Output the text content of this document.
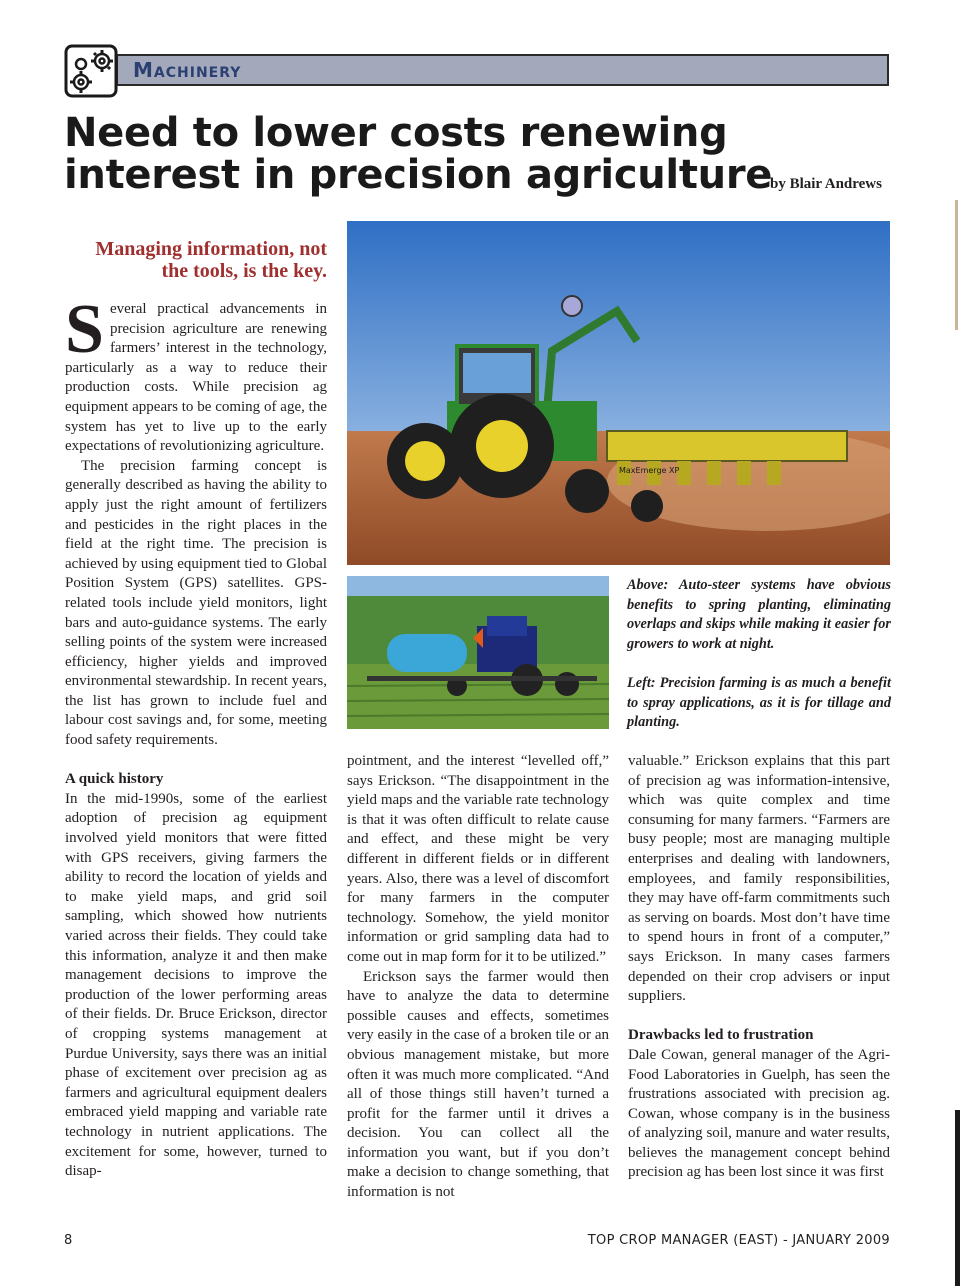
Machinery
Need to lower costs renewing interest in precision agriculture
by Blair Andrews
Managing information, not the tools, is the key.
S everal practical advancements in precision agriculture are renewing farmers’ interest in the technology, particularly as a way to reduce their production costs. While precision ag equipment appears to be coming of age, the system has yet to live up to the early expectations of revolutionizing agriculture.

The precision farming concept is generally described as having the ability to apply just the right amount of fertilizers and pesticides in the right places in the field at the right time. The precision is achieved by using equipment tied to Global Position System (GPS) satellites. GPS-related tools include yield monitors, light bars and auto-guidance systems. The early selling points of the system were increased efficiency, higher yields and improved environmental stewardship. In recent years, the list has grown to include fuel and labour cost savings and, for some, meeting food safety requirements.

A quick history

In the mid-1990s, some of the earliest adoption of precision ag equipment involved yield monitors that were fitted with GPS receivers, giving farmers the ability to record the location of yields and to make yield maps, and grid soil sampling, which showed how nutrients varied across their fields. They could take this information, analyze it and then make management decisions to improve the production of the lower performing areas of their fields. Dr. Bruce Erickson, director of cropping systems management at Purdue University, says there was an initial phase of excitement over precision ag as farmers and agricultural equipment dealers embraced yield mapping and variable rate technology in nutrient applications. The excitement for some, however, turned to disap-

MaxEmerge XP

Above: Auto-steer systems have obvious benefits to spring planting, eliminating overlaps and skips while making it easier for growers to work at night.

Left: Precision farming is as much a benefit to spray applications, as it is for tillage and planting.

pointment, and the interest “levelled off,” says Erickson. “The disappointment in the yield maps and the variable rate technology is that it was often difficult to relate cause and effect, and these might be very different in different fields or in different years. Also, there was a level of discomfort for many farmers in the computer technology. Somehow, the yield monitor information or grid sampling data had to come out in map form for it to be utilized.”

Erickson says the farmer would then have to analyze the data to determine possible causes and effects, sometimes very easily in the case of a broken tile or an obvious management mistake, but more often it was much more complicated. “And all of those things still haven’t turned a profit for the farmer until it drives a decision. You can collect all the information you want, but if you don’t make a decision to change something, that information is not

valuable.” Erickson explains that this part of precision ag was information-intensive, which was quite complex and time consuming for many farmers. “Farmers are busy people; most are managing multiple enterprises and dealing with landowners, employees, and family responsibilities, they may have off-farm commitments such as serving on boards. Most don’t have time to spend hours in front of a computer,” says Erickson. In many cases farmers depended on their crop advisers or input suppliers.

Drawbacks led to frustration

Dale Cowan, general manager of the Agri-Food Laboratories in Guelph, has seen the frustrations associated with precision ag. Cowan, whose company is in the business of analyzing soil, manure and water results, believes the management concept behind precision ag has been lost since it was first

8	TOP CROP MANAGER (EAST) - JANUARY 2009
